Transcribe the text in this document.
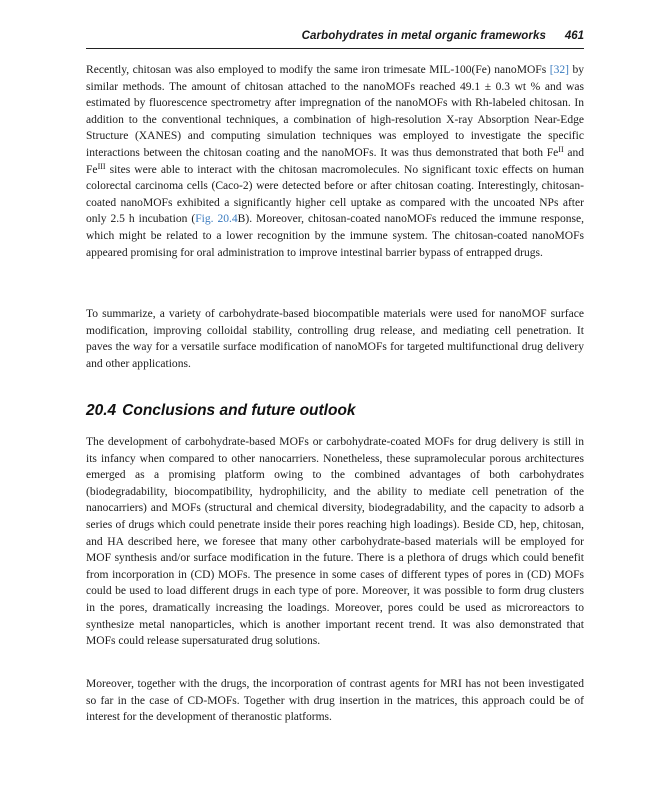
Carbohydrates in metal organic frameworks 461

Recently, chitosan was also employed to modify the same iron trimesate MIL-100(Fe) nanoMOFs [32] by similar methods. The amount of chitosan attached to the nanoMOFs reached 49.1 ± 0.3 wt % and was estimated by fluorescence spectrometry after impregnation of the nanoMOFs with Rh-labeled chitosan. In addition to the conventional techniques, a combination of high-resolution X-ray Absorption Near-Edge Structure (XANES) and computing simulation techniques was employed to investigate the specific interactions between the chitosan coating and the nanoMOFs. It was thus demonstrated that both $Fe^{II}$ and $Fe^{III}$ sites were able to interact with the chitosan macromolecules. No significant toxic effects on human colorectal carcinoma cells (Caco-2) were detected before or after chitosan coating. Interestingly, chitosan-coated nanoMOFs exhibited a significantly higher cell uptake as compared with the uncoated NPs after only 2.5 h incubation (Fig. 20.4B). Moreover, chitosan-coated nanoMOFs reduced the immune response, which might be related to a lower recognition by the immune system. The chitosan-coated nanoMOFs appeared promising for oral administration to improve intestinal barrier bypass of entrapped drugs.

To summarize, a variety of carbohydrate-based biocompatible materials were used for nanoMOF surface modification, improving colloidal stability, controlling drug release, and mediating cell penetration. It paves the way for a versatile surface modification of nanoMOFs for targeted multifunctional drug delivery and other applications.

20.4 Conclusions and future outlook

The development of carbohydrate-based MOFs or carbohydrate-coated MOFs for drug delivery is still in its infancy when compared to other nanocarriers. Nonetheless, these supramolecular porous architectures emerged as a promising platform owing to the combined advantages of both carbohydrates (biodegradability, biocompatibility, hydrophilicity, and the ability to mediate cell penetration of the nanocarriers) and MOFs (structural and chemical diversity, biodegradability, and the capacity to adsorb a series of drugs which could penetrate inside their pores reaching high loadings). Beside CD, hep, chitosan, and HA described here, we foresee that many other carbohydrate-based materials will be employed for MOF synthesis and/or surface modification in the future. There is a plethora of drugs which could benefit from incorporation in (CD) MOFs. The presence in some cases of different types of pores in (CD) MOFs could be used to load different drugs in each type of pore. Moreover, it was possible to form drug clusters in the pores, dramatically increasing the loadings. Moreover, pores could be used as microreactors to synthesize metal nanoparticles, which is another important recent trend. It was also demonstrated that MOFs could release supersaturated drug solutions.

Moreover, together with the drugs, the incorporation of contrast agents for MRI has not been investigated so far in the case of CD-MOFs. Together with drug insertion in the matrices, this approach could be of interest for the development of theranostic platforms.
